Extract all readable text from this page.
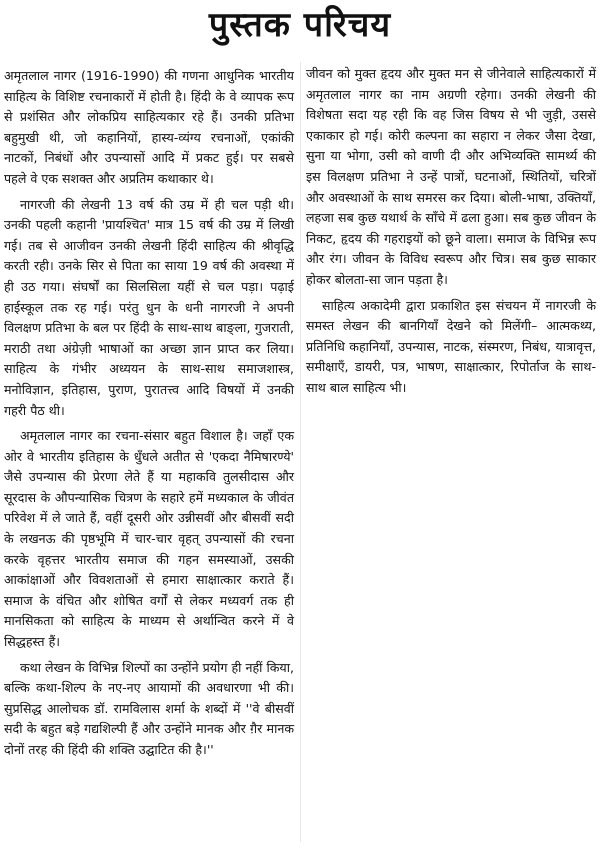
पुस्तक परिचय

अमृतलाल नागर (1916-1990) की गणना आधुनिक भारतीय साहित्य के विशिष्ट रचनाकारों में होती है। हिंदी के वे व्यापक रूप से प्रशंसित और लोकप्रिय साहित्यकार रहे हैं। उनकी प्रतिभा बहुमुखी थी, जो कहानियों, हास्य-व्यंग्य रचनाओं, एकांकी नाटकों, निबंधों और उपन्यासों आदि में प्रकट हुई। पर सबसे पहले वे एक सशक्त और अप्रतिम कथाकार थे।

नागरजी की लेखनी 13 वर्ष की उम्र में ही चल पड़ी थी। उनकी पहली कहानी 'प्रायश्चित' मात्र 15 वर्ष की उम्र में लिखी गई। तब से आजीवन उनकी लेखनी हिंदी साहित्य की श्रीवृद्धि करती रही। उनके सिर से पिता का साया 19 वर्ष की अवस्था में ही उठ गया। संघर्षों का सिलसिला यहीं से चल पड़ा। पढ़ाई हाईस्कूल तक रह गई। परंतु धुन के धनी नागरजी ने अपनी विलक्षण प्रतिभा के बल पर हिंदी के साथ-साथ बाङ्ला, गुजराती, मराठी तथा अंग्रेज़ी भाषाओं का अच्छा ज्ञान प्राप्त कर लिया। साहित्य के गंभीर अध्ययन के साथ-साथ समाजशास्त्र, मनोविज्ञान, इतिहास, पुराण, पुरातत्त्व आदि विषयों में उनकी गहरी पैठ थी।

अमृतलाल नागर का रचना-संसार बहुत विशाल है। जहाँ एक ओर वे भारतीय इतिहास के धुँधले अतीत से 'एकदा नैमिषारण्ये' जैसे उपन्यास की प्रेरणा लेते हैं या महाकवि तुलसीदास और सूरदास के औपन्यासिक चित्रण के सहारे हमें मध्यकाल के जीवंत परिवेश में ले जाते हैं, वहीं दूसरी ओर उन्नीसवीं और बीसवीं सदी के लखनऊ की पृष्ठभूमि में चार-चार वृहत् उपन्यासों की रचना करके वृहत्तर भारतीय समाज की गहन समस्याओं, उसकी आकांक्षाओं और विवशताओं से हमारा साक्षात्कार कराते हैं। समाज के वंचित और शोषित वर्गों से लेकर मध्यवर्ग तक ही मानसिकता को साहित्य के माध्यम से अर्थान्वित करने में वे सिद्धहस्त हैं।

कथा लेखन के विभिन्न शिल्पों का उन्होंने प्रयोग ही नहीं किया, बल्कि कथा-शिल्प के नए-नए आयामों की अवधारणा भी की। सुप्रसिद्ध आलोचक डॉ. रामविलास शर्मा के शब्दों में ''वे बीसवीं सदी के बहुत बड़े गद्यशिल्पी हैं और उन्होंने मानक और ग़ैर मानक दोनों तरह की हिंदी की शक्ति उद्घाटित की है।''

जीवन को मुक्त हृदय और मुक्त मन से जीनेवाले साहित्यकारों में अमृतलाल नागर का नाम अग्रणी रहेगा। उनकी लेखनी की विशेषता सदा यह रही कि वह जिस विषय से भी जुड़ी, उससे एकाकार हो गई। कोरी कल्पना का सहारा न लेकर जैसा देखा, सुना या भोगा, उसी को वाणी दी और अभिव्यक्ति सामर्थ्य की इस विलक्षण प्रतिभा ने उन्हें पात्रों, घटनाओं, स्थितियों, चरित्रों और अवस्थाओं के साथ समरस कर दिया। बोली-भाषा, उक्तियाँ, लहजा सब कुछ यथार्थ के साँचे में ढला हुआ। सब कुछ जीवन के निकट, हृदय की गहराइयों को छूने वाला। समाज के विभिन्न रूप और रंग। जीवन के विविध स्वरूप और चित्र। सब कुछ साकार होकर बोलता-सा जान पड़ता है।

साहित्य अकादेमी द्वारा प्रकाशित इस संचयन में नागरजी के समस्त लेखन की बानगियाँ देखने को मिलेंगी– आत्मकथ्य, प्रतिनिधि कहानियाँ, उपन्यास, नाटक, संस्मरण, निबंध, यात्रावृत्त, समीक्षाएँ, डायरी, पत्र, भाषण, साक्षात्कार, रिपोर्ताज के साथ-साथ बाल साहित्य भी।
